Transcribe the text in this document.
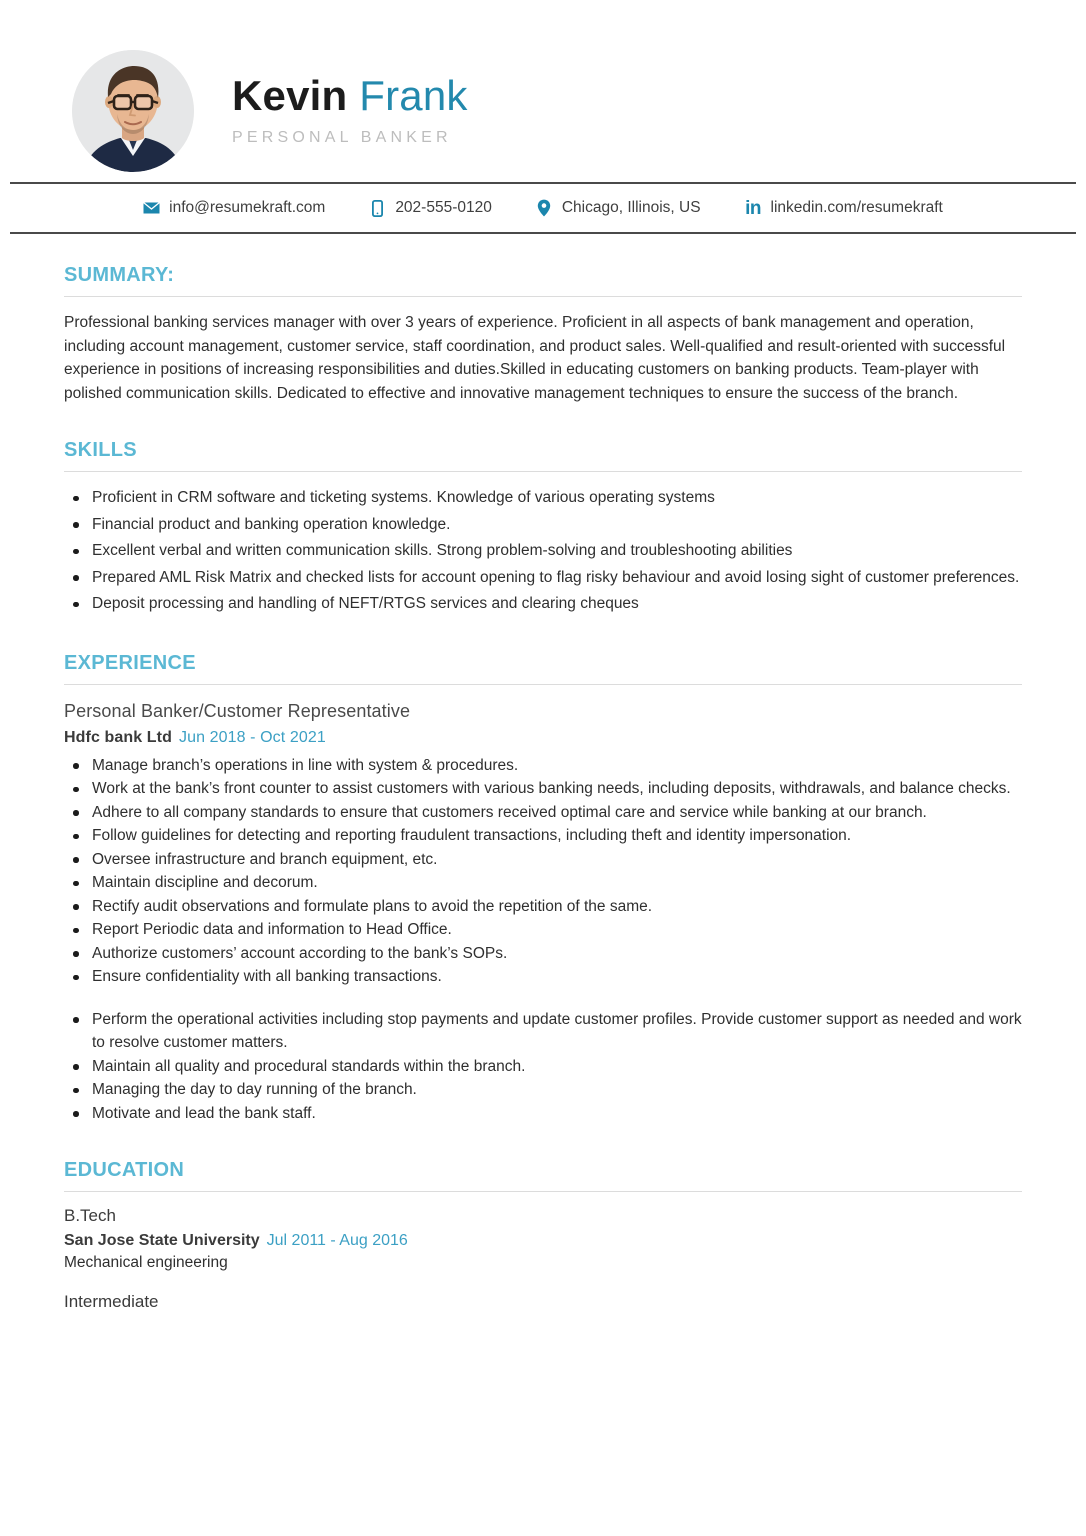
Kevin Frank
PERSONAL BANKER
info@resumekraft.com	202-555-0120	Chicago, Illinois, US in linkedin.com/resumekraft
SUMMARY:
Professional banking services manager with over 3 years of experience. Proficient in all aspects of bank management and operation, including account management, customer service, staff coordination, and product sales. Well-qualified and result-oriented with successful experience in positions of increasing responsibilities and duties.Skilled in educating customers on banking products. Team-player with polished communication skills. Dedicated to effective and innovative management techniques to ensure the success of the branch.
SKILLS
Proficient in CRM software and ticketing systems. Knowledge of various operating systems
Financial product and banking operation knowledge.
Excellent verbal and written communication skills. Strong problem-solving and troubleshooting abilities
Prepared AML Risk Matrix and checked lists for account opening to flag risky behaviour and avoid losing sight of customer preferences.
Deposit processing and handling of NEFT/RTGS services and clearing cheques
EXPERIENCE
Personal Banker/Customer Representative
Hdfc bank Ltd Jun 2018 - Oct 2021
Manage branch’s operations in line with system & procedures.
Work at the bank’s front counter to assist customers with various banking needs, including deposits, withdrawals, and balance checks.
Adhere to all company standards to ensure that customers received optimal care and service while banking at our branch.
Follow guidelines for detecting and reporting fraudulent transactions, including theft and identity impersonation.
Oversee infrastructure and branch equipment, etc.
Maintain discipline and decorum.
Rectify audit observations and formulate plans to avoid the repetition of the same.
Report Periodic data and information to Head Office.
Authorize customers’ account according to the bank’s SOPs.
Ensure confidentiality with all banking transactions.
Perform the operational activities including stop payments and update customer profiles. Provide customer support as needed and work to resolve customer matters.
Maintain all quality and procedural standards within the branch.
Managing the day to day running of the branch.
Motivate and lead the bank staff.
EDUCATION
B.Tech
San Jose State University Jul 2011 - Aug 2016
Mechanical engineering
Intermediate
